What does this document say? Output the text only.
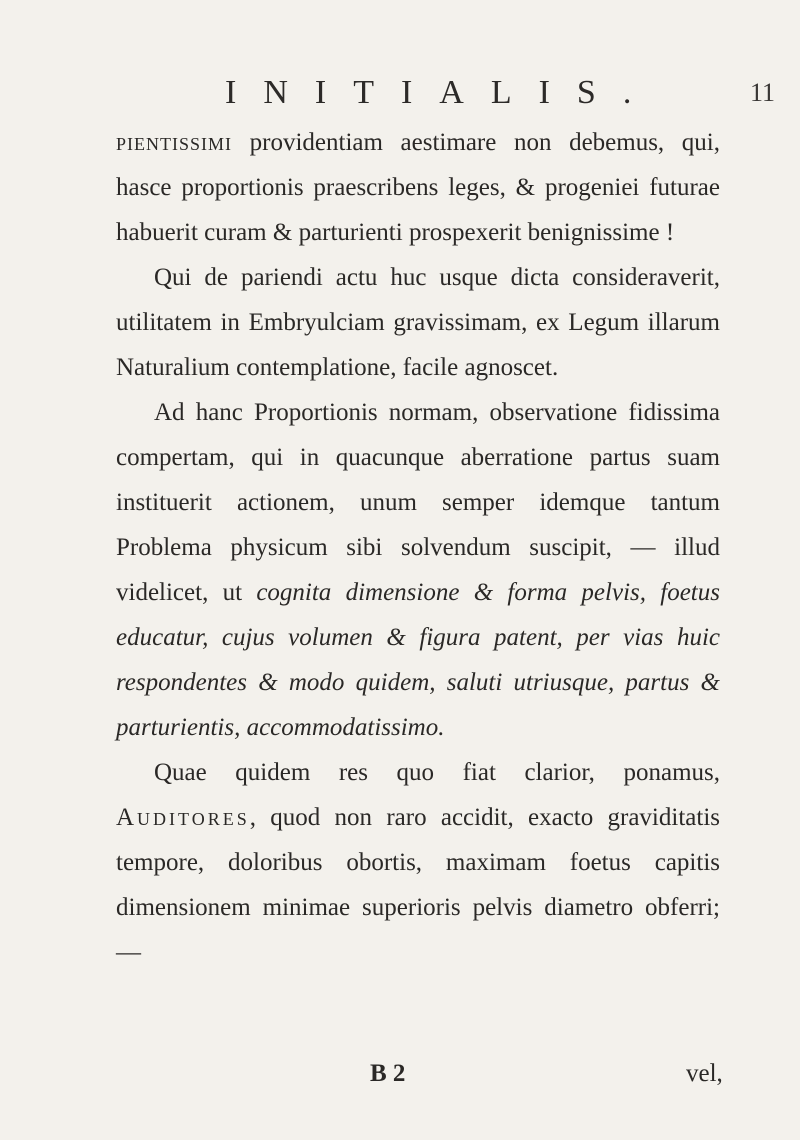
INITIALIS.	11

pientissimi providentiam aestimare non debemus, qui, hasce proportionis praescribens leges, & progeniei futurae habuerit curam & parturienti prospexerit benignissime !

Qui de pariendi actu huc usque dicta consideraverit, utilitatem in Embryulciam gravissimam, ex Legum illarum Naturalium contemplatione, facile agnoscet.

Ad hanc Proportionis normam, observatione fidissima compertam, qui in quacunque aberratione partus suam instituerit actionem, unum semper idemque tantum Problema physicum sibi solvendum suscipit, — illud videlicet, ut cognita dimensione & forma pelvis, foetus educatur, cujus volumen & figura patent, per vias huic respondentes & modo quidem, saluti utriusque, partus & parturientis, accommodatissimo.

Quae quidem res quo fiat clarior, ponamus, Auditores, quod non raro accidit, exacto graviditatis tempore, doloribus obortis, maximam foetus capitis dimensionem minimae superioris pelvis diametro obferri; —

B 2	vel,
